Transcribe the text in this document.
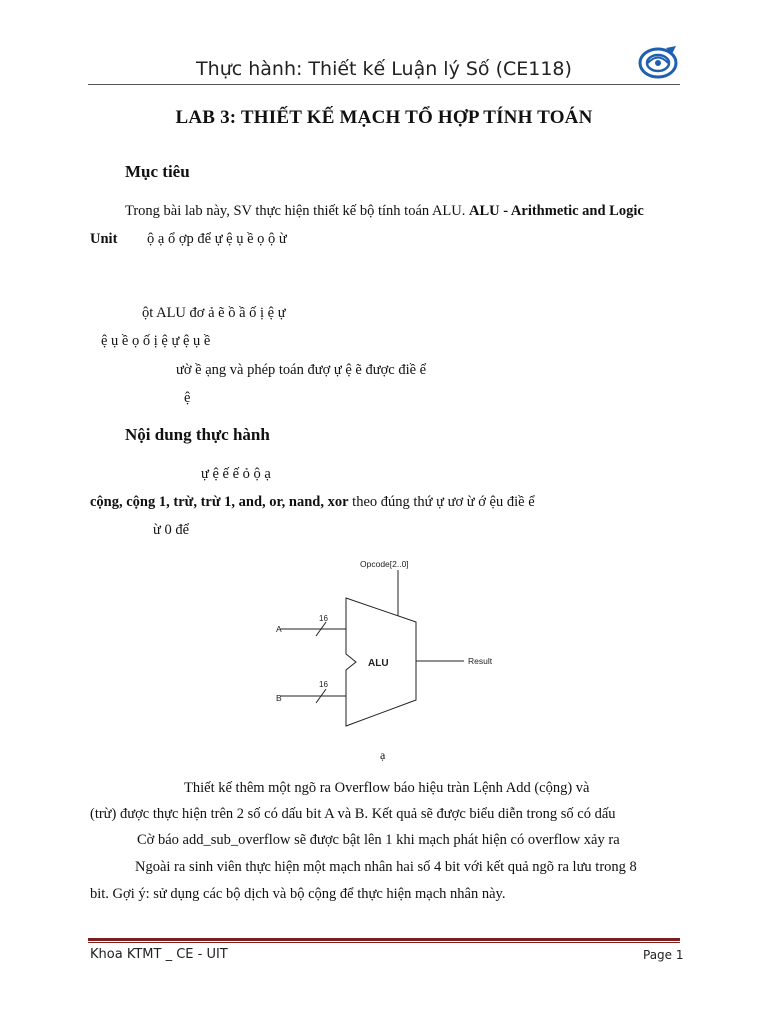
Thực hành: Thiết kế Luận lý Số (CE118)
LAB 3: THIẾT KẾ MẠCH TỔ HỢP TÍNH TOÁN
Mục tiêu
Trong bài lab này, SV thực hiện thiết kế bộ tính toán ALU. ALU - Arithmetic and Logic
Unit ộ ạ ổ ợp để ự ệ ụ ề ọ ộ ừ
ột ALU đơ ả ẽ ồ ầ ố ị ệ ự
ệ ụ ề ọ ố ị ệ ự ệ ụ ề
ườ ề ạng và phép toán đượ ự ệ ẽ được điề ể
ệ
Nội dung thực hành
ự ệ ế ế ỏ ộ ạ
cộng, cộng 1, trừ, trừ 1, and, or, nand, xor theo đúng thứ ự ươ ừ ớ ệu điề ể
ừ 0 để
Opcode[2..0]
A
16
B
16
ALU	Result
ạ
Thiết kế thêm một ngõ ra Overflow báo hiệu tràn Lệnh Add (cộng) và
(trừ) được thực hiện trên 2 số có dấu bit A và B. Kết quả sẽ được biểu diễn trong số có dấu
Cờ báo add_sub_overflow sẽ được bật lên 1 khi mạch phát hiện có overflow xảy ra
Ngoài ra sinh viên thực hiện một mạch nhân hai số 4 bit với kết quả ngõ ra lưu trong 8
bit. Gợi ý: sử dụng các bộ dịch và bộ cộng để thực hiện mạch nhân này.
Khoa KTMT _ CE - UIT	Page 1
